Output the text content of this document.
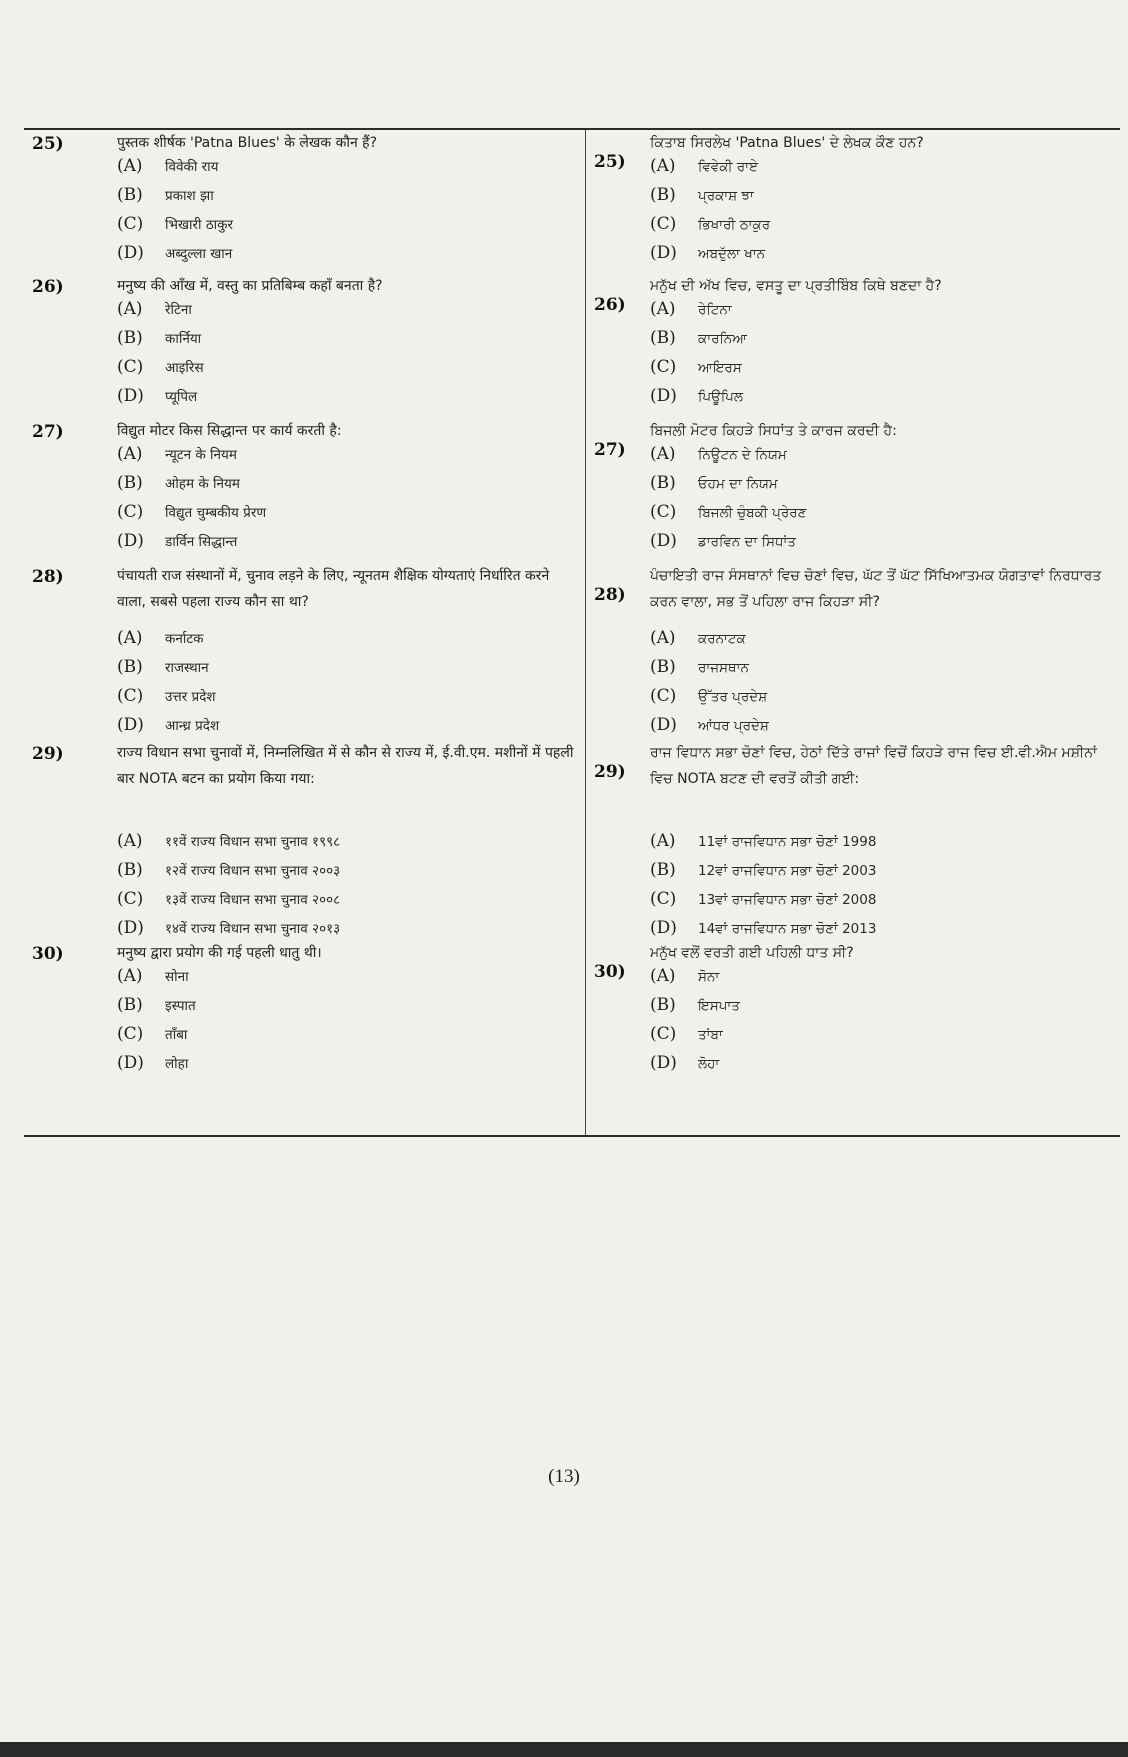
25)	पुस्तक शीर्षक 'Patna Blues' के लेखक कौन हैं?
25)
ਕਿਤਾਬ ਸਿਰਲੇਖ 'Patna Blues' ਦੇ ਲੇਖਕ ਕੌਣ ਹਨ?
(A) विवेकी राय
(B) प्रकाश झा
(C) भिखारी ठाकुर
(D) अब्दुल्ला खान
(A) ਵਿਵੇਕੀ ਰਾਏ
(B) ਪ੍ਰਕਾਸ਼ ਝਾ
(C) ਭਿਖਾਰੀ ਠਾਕੁਰ
(D) ਅਬਦੁੱਲਾ ਖਾਨ
26)	मनुष्य की आँख में, वस्तु का प्रतिबिम्ब कहाँ बनता है?
26)
ਮਨੁੱਖ ਦੀ ਅੱਖ ਵਿਚ, ਵਸਤੂ ਦਾ ਪ੍ਰਤੀਬਿੰਬ ਕਿਥੇ ਬਣਦਾ ਹੈ?
(A) रेटिना
(B) कार्निया
(C) आइरिस
(D) प्यूपिल
(A) ਰੇਟਿਨਾ
(B) ਕਾਰਨਿਆ
(C) ਆਇਰਸ
(D) ਪਿਊਪਿਲ
27)	विद्युत मोटर किस सिद्धान्त पर कार्य करती है:
27)
ਬਿਜਲੀ ਮੋਟਰ ਕਿਹੜੇ ਸਿਧਾਂਤ ਤੇ ਕਾਰਜ ਕਰਦੀ ਹੈ:
(A) न्यूटन के नियम
(B) ओहम के नियम
(C) विद्युत चुम्बकीय प्रेरण
(D) डार्विन सिद्धान्त
(A) ਨਿਊਟਨ ਦੇ ਨਿਯਮ
(B) ਓਹਮ ਦਾ ਨਿਯਮ
(C) ਬਿਜਲੀ ਚੁੰਬਕੀ ਪ੍ਰੇਰਣ
(D) ਡਾਰਵਿਨ ਦਾ ਸਿਧਾਂਤ
28)	पंचायती राज संस्थानों में, चुनाव लड़ने के लिए, न्यूनतम शैक्षिक योग्यताएं निर्धारित करने वाला, सबसे पहला राज्य कौन सा था?	28)
ਪੰਚਾਇਤੀ ਰਾਜ ਸੰਸਥਾਨਾਂ ਵਿਚ ਚੋਣਾਂ ਵਿਚ, ਘੱਟ ਤੋਂ ਘੱਟ ਸਿੱਖਿਆਤਮਕ ਯੋਗਤਾਵਾਂ ਨਿਰਧਾਰਤ ਕਰਨ ਵਾਲਾ, ਸਭ ਤੋਂ ਪਹਿਲਾ ਰਾਜ ਕਿਹੜਾ ਸੀ?
(A) कर्नाटक
(B) राजस्थान
(C) उत्तर प्रदेश
(D) आन्ध्र प्रदेश
(A) ਕਰਨਾਟਕ
(B) ਰਾਜਸਥਾਨ
(C) ਉੱਤਰ ਪ੍ਰਦੇਸ਼
(D) ਆਂਧਰ ਪ੍ਰਦੇਸ਼
29)	राज्य विधान सभा चुनावों में, निम्नलिखित में से कौन से राज्य में, ई.वी.एम. मशीनों में पहली बार NOTA बटन का प्रयोग किया गया:	29)
ਰਾਜ ਵਿਧਾਨ ਸਭਾ ਚੋਣਾਂ ਵਿਚ, ਹੇਠਾਂ ਦਿੱਤੇ ਰਾਜਾਂ ਵਿਚੋਂ ਕਿਹੜੇ ਰਾਜ ਵਿਚ ਈ.ਵੀ.ਐਮ ਮਸ਼ੀਨਾਂ ਵਿਚ NOTA ਬਟਣ ਦੀ ਵਰਤੋਂ ਕੀਤੀ ਗਈ:
(A) ११वें राज्य विधान सभा चुनाव १९९८
(B) १२वें राज्य विधान सभा चुनाव २००३
(C) १३वें राज्य विधान सभा चुनाव २००८
(D) १४वें राज्य विधान सभा चुनाव २०१३
(A) 11ਵਾਂ ਰਾਜਵਿਧਾਨ ਸਭਾ ਚੋਣਾਂ 1998
(B) 12ਵਾਂ ਰਾਜਵਿਧਾਨ ਸਭਾ ਚੋਣਾਂ 2003
(C) 13ਵਾਂ ਰਾਜਵਿਧਾਨ ਸਭਾ ਚੋਣਾਂ 2008
(D) 14ਵਾਂ ਰਾਜਵਿਧਾਨ ਸਭਾ ਚੋਣਾਂ 2013
30)	मनुष्य द्वारा प्रयोग की गई पहली धातु थी।
30)
ਮਨੁੱਖ ਵਲੋਂ ਵਰਤੀ ਗਈ ਪਹਿਲੀ ਧਾਤ ਸੀ?
(A) सोना
(B) इस्पात
(C) ताँबा
(D) लोहा
(A) ਸੋਨਾ
(B) ਇਸਪਾਤ
(C) ਤਾਂਬਾ
(D) ਲੋਹਾ
(13)
